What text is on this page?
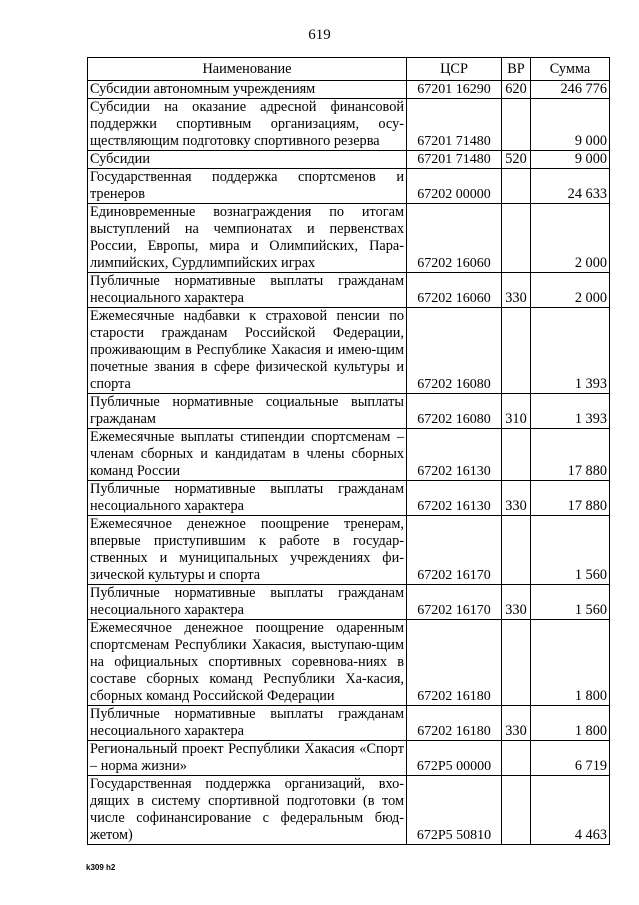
619
Наименование	ЦСР	ВР	Сумма
Субсидии автономным учреждениям	67201 16290	620	246 776
Субсидии на оказание адресной финансовой поддержки спортивным организациям, осу-ществляющим подготовку спортивного резерва	67201 71480		9 000
Субсидии	67201 71480	520	9 000
Государственная поддержка спортсменов и тренеров	67202 00000		24 633
Единовременные вознаграждения по итогам выступлений на чемпионатах и первенствах России, Европы, мира и Олимпийских, Пара-лимпийских, Сурдлимпийских играх	67202 16060		2 000
Публичные нормативные выплаты гражданам несоциального характера	67202 16060	330	2 000
Ежемесячные надбавки к страховой пенсии по старости гражданам Российской Федерации, проживающим в Республике Хакасия и имею-щим почетные звания в сфере физической культуры и спорта	67202 16080		1 393
Публичные нормативные социальные выплаты гражданам	67202 16080	310	1 393
Ежемесячные выплаты стипендии спортсменам – членам сборных и кандидатам в члены сборных команд России	67202 16130		17 880
Публичные нормативные выплаты гражданам несоциального характера	67202 16130	330	17 880
Ежемесячное денежное поощрение тренерам, впервые приступившим к работе в государ-ственных и муниципальных учреждениях фи-зической культуры и спорта	67202 16170		1 560
Публичные нормативные выплаты гражданам несоциального характера	67202 16170	330	1 560
Ежемесячное денежное поощрение одаренным спортсменам Республики Хакасия, выступаю-щим на официальных спортивных соревнова-ниях в составе сборных команд Республики Ха-касия, сборных команд Российской Федерации	67202 16180		1 800
Публичные нормативные выплаты гражданам несоциального характера	67202 16180	330	1 800
Региональный проект Республики Хакасия «Спорт – норма жизни»	672Р5 00000		6 719
Государственная поддержка организаций, вхо-дящих в систему спортивной подготовки (в том числе софинансирование с федеральным бюд-жетом)	672Р5 50810		4 463
k309 h2
